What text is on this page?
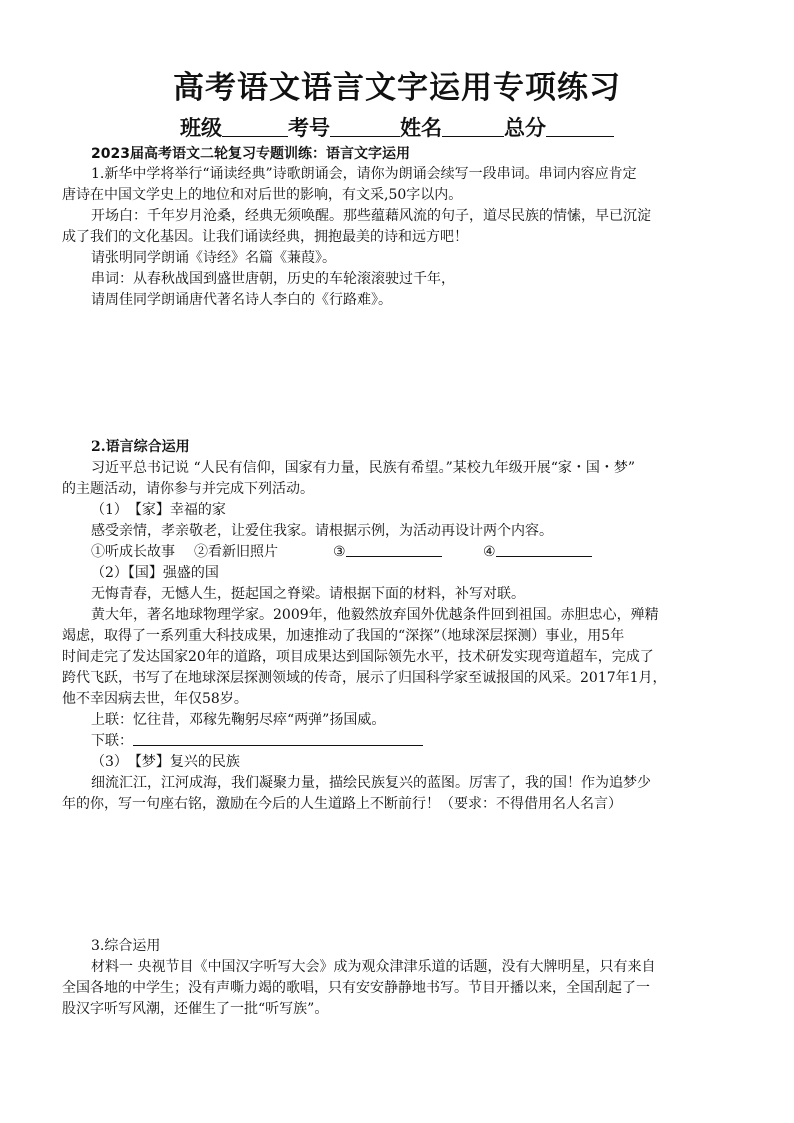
高考语文语言文字运用专项练习
班级	考号	姓名	总分
2023届高考语文二轮复习专题训练：语言文字运用
1.新华中学将举行“诵读经典”诗歌朗诵会，请你为朗诵会续写一段串词。串词内容应肯定
唐诗在中国文学史上的地位和对后世的影响，有文采,50字以内。
开场白：千年岁月沧桑，经典无须唤醒。那些蕴藉风流的句子，道尽民族的情愫，早已沉淀
成了我们的文化基因。让我们诵读经典，拥抱最美的诗和远方吧！
请张明同学朗诵《诗经》名篇《蒹葭》。
串词：从春秋战国到盛世唐朝，历史的车轮滚滚驶过千年，
请周佳同学朗诵唐代著名诗人李白的《行路难》。
2.语言综合运用
习近平总书记说 “人民有信仰，国家有力量，民族有希望。”某校九年级开展“家・国・梦”
的主题活动，请你参与并完成下列活动。
（1）　【家】幸福的家
感受亲情，孝亲敬老，让爱住我家。请根据示例，为活动再设计两个内容。
①听成长故事 ②看新旧照片	③	④
（2）【国】强盛的国
无悔青春，无憾人生，挺起国之脊梁。请根据下面的材料，补写对联。
黄大年，著名地球物理学家。2009年，他毅然放弃国外优越条件回到祖国。赤胆忠心，殚精
竭虑，取得了一系列重大科技成果，加速推动了我国的“深探”（地球深层探测）事业，用5年
时间走完了发达国家20年的道路，项目成果达到国际领先水平，技术研发实现弯道超车，完成了
跨代飞跃，书写了在地球深层探测领域的传奇，展示了归国科学家至诚报国的风采。2017年1月，
他不幸因病去世，年仅58岁。
上联：忆往昔，邓稼先鞠躬尽瘁“两弹”扬国威。
下联：
（3）　【梦】复兴的民族
细流汇江，江河成海，我们凝聚力量，描绘民族复兴的蓝图。厉害了，我的国！作为追梦少
年的你，写一句座右铭，激励在今后的人生道路上不断前行！（要求：不得借用名人名言）
3.综合运用
材料一 央视节目《中国汉字听写大会》成为观众津津乐道的话题，没有大牌明星，只有来自
全国各地的中学生；没有声嘶力竭的歌唱，只有安安静静地书写。节目开播以来，全国刮起了一
股汉字听写风潮，还催生了一批“听写族”。
